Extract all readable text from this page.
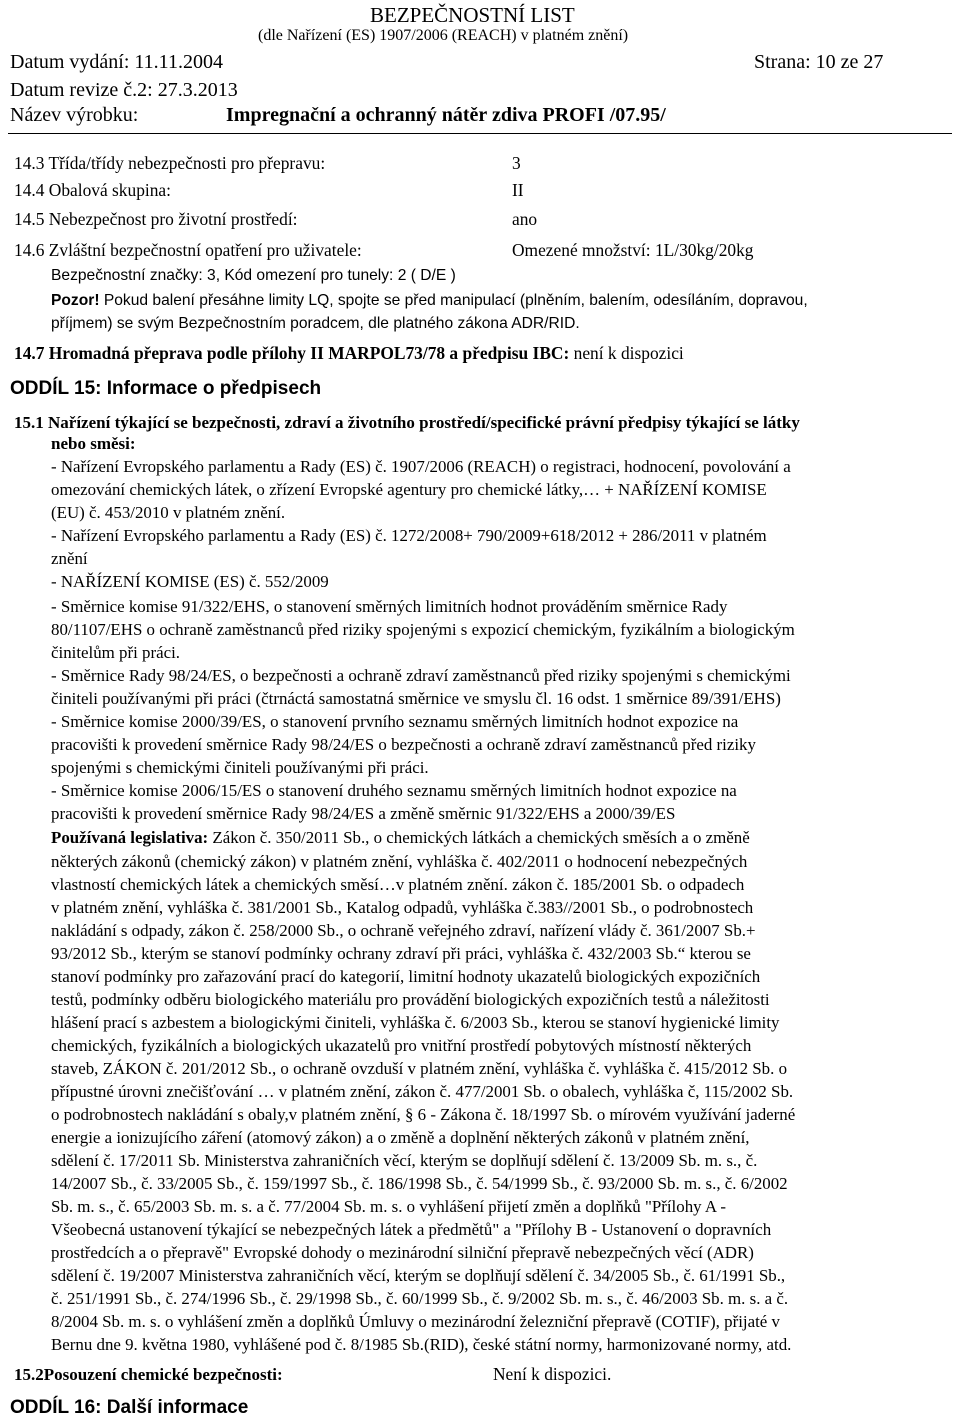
BEZPEČNOSTNÍ LIST
(dle Nařízení (ES) 1907/2006 (REACH) v platném znění)
Datum vydání: 11.11.2004	Strana: 10 ze 27
Datum revize č.2: 27.3.2013
Název výrobku:	Impregnační a ochranný nátěr zdiva PROFI /07.95/
14.3 Třída/třídy nebezpečnosti pro přepravu:	3
14.4 Obalová skupina:	II
14.5 Nebezpečnost pro životní prostředí:	ano
14.6 Zvláštní bezpečnostní opatření pro uživatele:	Omezené množství: 1L/30kg/20kg
Bezpečnostní značky: 3, Kód omezení pro tunely: 2 ( D/E )
Pozor! Pokud balení přesáhne limity LQ, spojte se před manipulací (plněním, balením, odesíláním, dopravou,
příjmem) se svým Bezpečnostním poradcem, dle platného zákona ADR/RID.
14.7 Hromadná přeprava podle přílohy II MARPOL73/78 a předpisu IBC: není k dispozici
ODDÍL 15: Informace o předpisech
15.1 Nařízení týkající se bezpečnosti, zdraví a životního prostředí/specifické právní předpisy týkající se látky
nebo směsi:
- Nařízení Evropského parlamentu a Rady (ES) č. 1907/2006 (REACH) o registraci, hodnocení, povolování a
omezování chemických látek, o zřízení Evropské agentury pro chemické látky,… + NAŘÍZENÍ KOMISE
(EU) č. 453/2010 v platném znění.
- Nařízení Evropského parlamentu a Rady (ES) č. 1272/2008+ 790/2009+618/2012 + 286/2011 v platném
znění
- NAŘÍZENÍ KOMISE (ES) č. 552/2009
- Směrnice komise 91/322/EHS, o stanovení směrných limitních hodnot prováděním směrnice Rady
80/1107/EHS o ochraně zaměstnanců před riziky spojenými s expozicí chemickým, fyzikálním a biologickým
činitelům při práci.
- Směrnice Rady 98/24/ES, o bezpečnosti a ochraně zdraví zaměstnanců před riziky spojenými s chemickými
činiteli používanými při práci (čtrnáctá samostatná směrnice ve smyslu čl. 16 odst. 1 směrnice 89/391/EHS)
- Směrnice komise 2000/39/ES, o stanovení prvního seznamu směrných limitních hodnot expozice na
pracovišti k provedení směrnice Rady 98/24/ES o bezpečnosti a ochraně zdraví zaměstnanců před riziky
spojenými s chemickými činiteli používanými při práci.
- Směrnice komise 2006/15/ES o stanovení druhého seznamu směrných limitních hodnot expozice na
pracovišti k provedení směrnice Rady 98/24/ES a změně směrnic 91/322/EHS a 2000/39/ES
Používaná legislativa: Zákon č. 350/2011 Sb., o chemických látkách a chemických směsích a o změně
některých zákonů (chemický zákon) v platném znění, vyhláška č. 402/2011 o hodnocení nebezpečných
vlastností chemických látek a chemických směsí…v platném znění. zákon č. 185/2001 Sb. o odpadech
v platném znění, vyhláška č. 381/2001 Sb., Katalog odpadů, vyhláška č.383//2001 Sb., o podrobnostech
nakládání s odpady, zákon č. 258/2000 Sb., o ochraně veřejného zdraví, nařízení vlády č. 361/2007 Sb.+
93/2012 Sb., kterým se stanoví podmínky ochrany zdraví při práci, vyhláška č. 432/2003 Sb.“ kterou se
stanoví podmínky pro zařazování prací do kategorií, limitní hodnoty ukazatelů biologických expozičních
testů, podmínky odběru biologického materiálu pro provádění biologických expozičních testů a náležitosti
hlášení prací s azbestem a biologickými činiteli, vyhláška č. 6/2003 Sb., kterou se stanoví hygienické limity
chemických, fyzikálních a biologických ukazatelů pro vnitřní prostředí pobytových místností některých
staveb, ZÁKON č. 201/2012 Sb., o ochraně ovzduší v platném znění, vyhláška č. vyhláška č. 415/2012 Sb. o
přípustné úrovni znečišťování … v platném znění, zákon č. 477/2001 Sb. o obalech, vyhláška č, 115/2002 Sb.
o podrobnostech nakládání s obaly,v platném znění, § 6 - Zákona č. 18/1997 Sb. o mírovém využívání jaderné
energie a ionizujícího záření (atomový zákon) a o změně a doplnění některých zákonů v platném znění,
sdělení č. 17/2011 Sb. Ministerstva zahraničních věcí, kterým se doplňují sdělení č. 13/2009 Sb. m. s., č.
14/2007 Sb., č. 33/2005 Sb., č. 159/1997 Sb., č. 186/1998 Sb., č. 54/1999 Sb., č. 93/2000 Sb. m. s., č. 6/2002
Sb. m. s., č. 65/2003 Sb. m. s. a č. 77/2004 Sb. m. s. o vyhlášení přijetí změn a doplňků "Přílohy A -
Všeobecná ustanovení týkající se nebezpečných látek a předmětů" a "Přílohy B - Ustanovení o dopravních
prostředcích a o přepravě" Evropské dohody o mezinárodní silniční přepravě nebezpečných věcí (ADR)
sdělení č. 19/2007 Ministerstva zahraničních věcí, kterým se doplňují sdělení č. 34/2005 Sb., č. 61/1991 Sb.,
č. 251/1991 Sb., č. 274/1996 Sb., č. 29/1998 Sb., č. 60/1999 Sb., č. 9/2002 Sb. m. s., č. 46/2003 Sb. m. s. a č.
8/2004 Sb. m. s. o vyhlášení změn a doplňků Úmluvy o mezinárodní železniční přepravě (COTIF), přijaté v
Bernu dne 9. května 1980, vyhlášené pod č. 8/1985 Sb.(RID), české státní normy, harmonizované normy, atd.
15.2Posouzení chemické bezpečnosti:	Není k dispozici.
ODDÍL 16: Další informace
